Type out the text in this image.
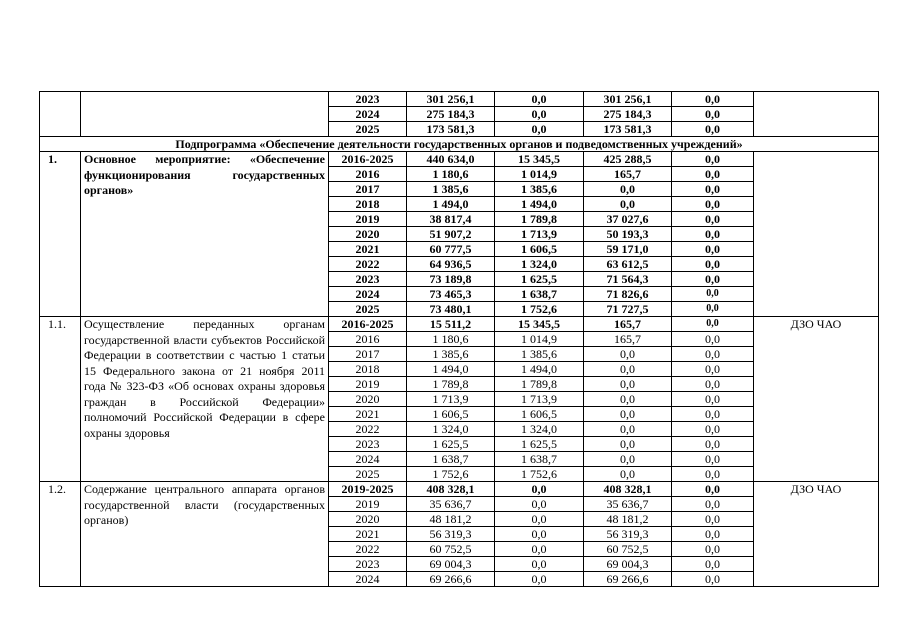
		2023	301 256,1	0,0	301 256,1	0,0	
		2024	275 184,3	0,0	275 184,3	0,0	
		2025	173 581,3	0,0	173 581,3	0,0	
Подпрограмма «Обеспечение деятельности государственных органов и подведомственных учреждений»							
1.	Основное мероприятие: «Обеспечение функционирования государственных органов»	2016-2025	440 634,0	15 345,5	425 288,5	0,0	
		2016	1 180,6	1 014,9	165,7	0,0	
		2017	1 385,6	1 385,6	0,0	0,0	
		2018	1 494,0	1 494,0	0,0	0,0	
		2019	38 817,4	1 789,8	37 027,6	0,0	
		2020	51 907,2	1 713,9	50 193,3	0,0	
		2021	60 777,5	1 606,5	59 171,0	0,0	
		2022	64 936,5	1 324,0	63 612,5	0,0	
		2023	73 189,8	1 625,5	71 564,3	0,0	
		2024	73 465,3	1 638,7	71 826,6	0,0	
		2025	73 480,1	1 752,6	71 727,5	0,0	
1.1.	Осуществление переданных органам государственной власти субъектов Российской Федерации в соответствии с частью 1 статьи 15 Федерального закона от 21 ноября 2011 года № 323-ФЗ «Об основах охраны здоровья граждан в Российской Федерации» полномочий Российской Федерации в сфере охраны здоровья	2016-2025	15 511,2	15 345,5	165,7	0,0	ДЗО ЧАО
		2016	1 180,6	1 014,9	165,7	0,0	
		2017	1 385,6	1 385,6	0,0	0,0	
		2018	1 494,0	1 494,0	0,0	0,0	
		2019	1 789,8	1 789,8	0,0	0,0	
		2020	1 713,9	1 713,9	0,0	0,0	
		2021	1 606,5	1 606,5	0,0	0,0	
		2022	1 324,0	1 324,0	0,0	0,0	
		2023	1 625,5	1 625,5	0,0	0,0	
		2024	1 638,7	1 638,7	0,0	0,0	
		2025	1 752,6	1 752,6	0,0	0,0	
1.2.	Содержание центрального аппарата органов государственной власти (государственных органов)	2019-2025	408 328,1	0,0	408 328,1	0,0	ДЗО ЧАО
		2019	35 636,7	0,0	35 636,7	0,0	
		2020	48 181,2	0,0	48 181,2	0,0	
		2021	56 319,3	0,0	56 319,3	0,0	
		2022	60 752,5	0,0	60 752,5	0,0	
		2023	69 004,3	0,0	69 004,3	0,0	
		2024	69 266,6	0,0	69 266,6	0,0	
